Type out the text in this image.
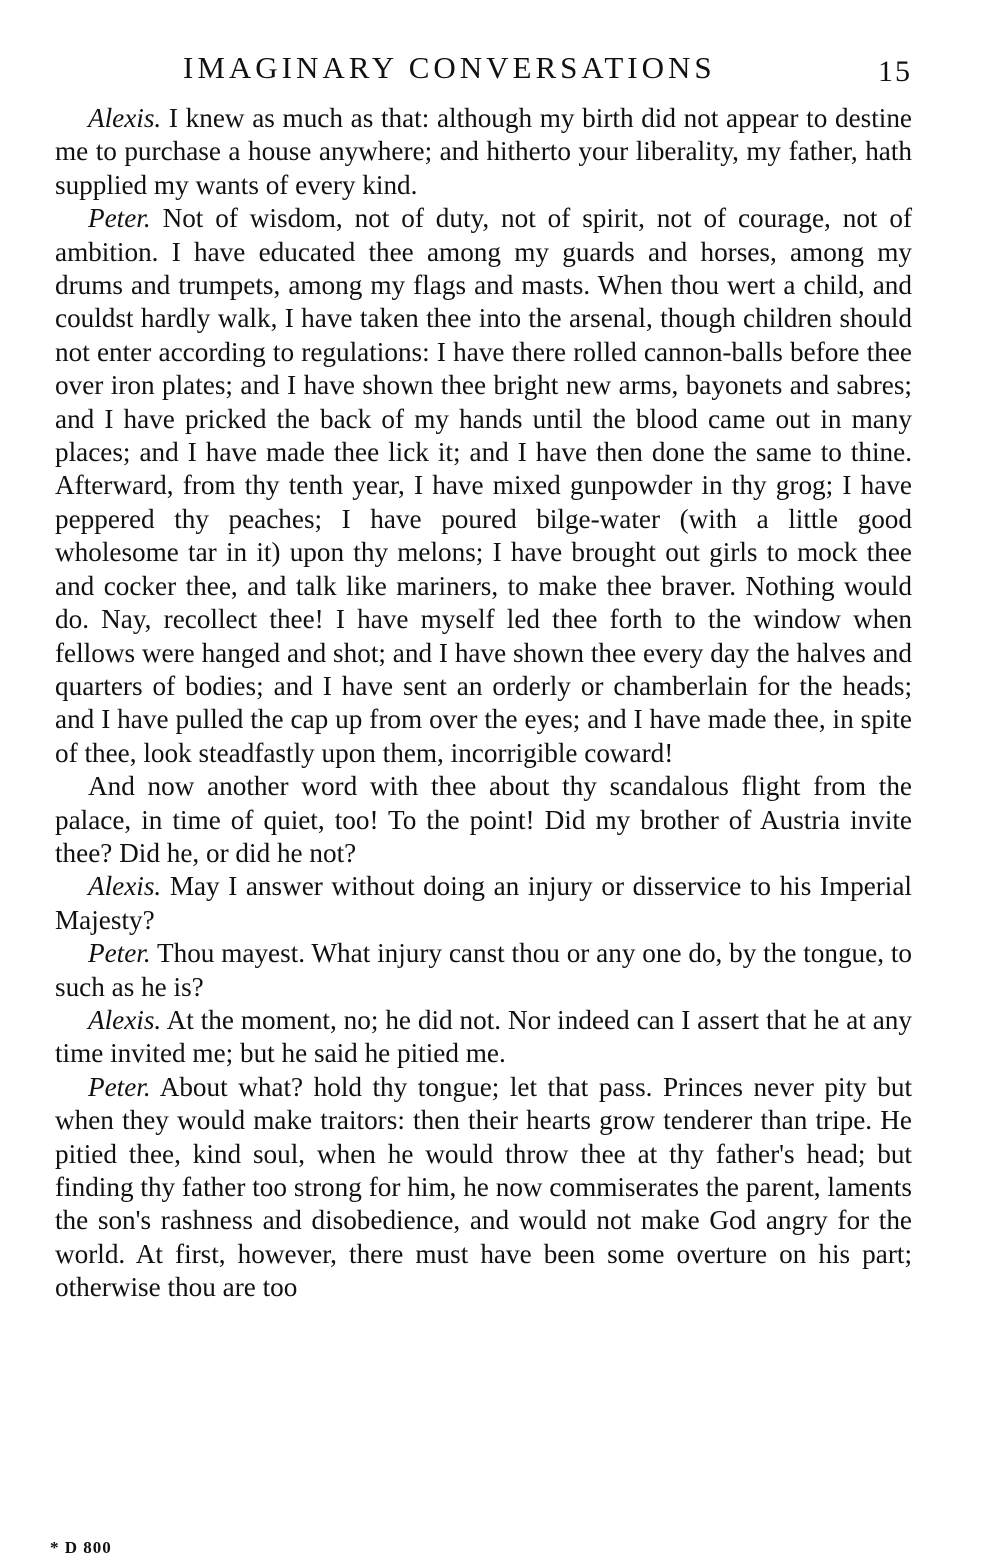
IMAGINARY CONVERSATIONS	15

Alexis. I knew as much as that: although my birth did not appear to destine me to purchase a house anywhere; and hitherto your liberality, my father, hath supplied my wants of every kind.

Peter. Not of wisdom, not of duty, not of spirit, not of courage, not of ambition. I have educated thee among my guards and horses, among my drums and trumpets, among my flags and masts. When thou wert a child, and couldst hardly walk, I have taken thee into the arsenal, though children should not enter according to regulations: I have there rolled cannon-balls before thee over iron plates; and I have shown thee bright new arms, bayonets and sabres; and I have pricked the back of my hands until the blood came out in many places; and I have made thee lick it; and I have then done the same to thine. Afterward, from thy tenth year, I have mixed gunpowder in thy grog; I have peppered thy peaches; I have poured bilge-water (with a little good wholesome tar in it) upon thy melons; I have brought out girls to mock thee and cocker thee, and talk like mariners, to make thee braver. Nothing would do. Nay, recollect thee! I have myself led thee forth to the window when fellows were hanged and shot; and I have shown thee every day the halves and quarters of bodies; and I have sent an orderly or chamberlain for the heads; and I have pulled the cap up from over the eyes; and I have made thee, in spite of thee, look steadfastly upon them, incorrigible coward!

And now another word with thee about thy scandalous flight from the palace, in time of quiet, too! To the point! Did my brother of Austria invite thee? Did he, or did he not?

Alexis. May I answer without doing an injury or disservice to his Imperial Majesty?

Peter. Thou mayest. What injury canst thou or any one do, by the tongue, to such as he is?

Alexis. At the moment, no; he did not. Nor indeed can I assert that he at any time invited me; but he said he pitied me.

Peter. About what? hold thy tongue; let that pass. Princes never pity but when they would make traitors: then their hearts grow tenderer than tripe. He pitied thee, kind soul, when he would throw thee at thy father's head; but finding thy father too strong for him, he now commiserates the parent, laments the son's rashness and disobedience, and would not make God angry for the world. At first, however, there must have been some overture on his part; otherwise thou are too

* D 800
